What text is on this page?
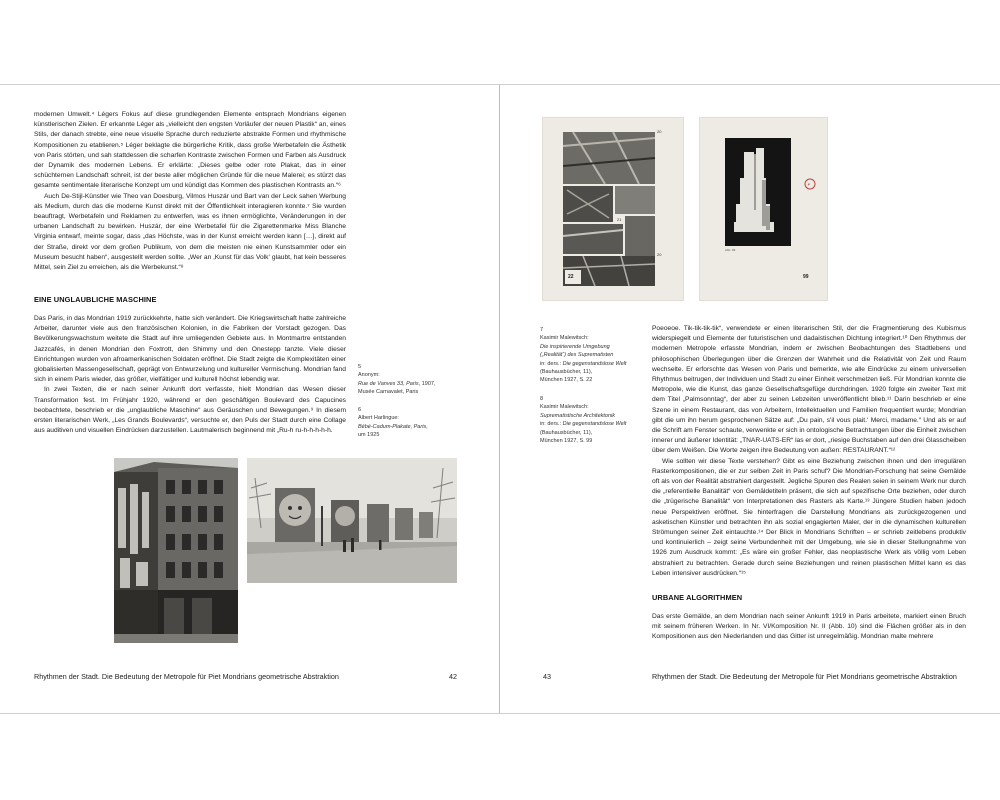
modernen Umwelt.⁴ Légers Fokus auf diese grundlegenden Elemente entsprach Mondrians eigenen künstlerischen Zielen. Er erkannte Léger als „vielleicht den engsten Vorläufer der neuen Plastik“ an, eines Stils, der danach strebte, eine neue visuelle Sprache durch reduzierte abstrakte Formen und rhythmische Kompositionen zu etablieren.⁵ Léger beklagte die bürgerliche Kritik, dass große Werbetafeln die Ästhetik von Paris störten, und sah stattdessen die scharfen Kontraste zwischen Formen und Farben als Ausdruck der Dynamik des modernen Lebens. Er erklärte: „Dieses gelbe oder rote Plakat, das in einer schüchternen Landschaft schreit, ist der beste aller möglichen Gründe für die neue Malerei; es stürzt das gesamte sentimentale literarische Konzept um und kündigt das Kommen des plastischen Kontrasts an.“⁶

Auch De-Stijl-Künstler wie Theo van Doesburg, Vilmos Huszár und Bart van der Leck sahen Werbung als Medium, durch das die moderne Kunst direkt mit der Öffentlichkeit interagieren konnte.⁷ Sie wurden beauftragt, Werbetafeln und Reklamen zu entwerfen, was es ihnen ermöglichte, Veränderungen in der urbanen Landschaft zu bewirken. Huszár, der eine Werbetafel für die Zigarettenmarke Miss Blanche Virginia entwarf, meinte sogar, dass „das Höchste, was in der Kunst erreicht werden kann […], direkt auf der Straße, direkt vor dem großen Publikum, von dem die meisten nie einen Kunstsammler oder ein Museum besucht haben“, ausgestellt werden sollte. „Wer an ‚Kunst für das Volk‘ glaubt, hat kein besseres Mittel, sein Ziel zu erreichen, als die Werbekunst.“⁸

EINE UNGLAUBLICHE MASCHINE

Das Paris, in das Mondrian 1919 zurückkehrte, hatte sich verändert. Die Kriegswirtschaft hatte zahlreiche Arbeiter, darunter viele aus den französischen Kolonien, in die Fabriken der Vorstadt gezogen. Das Bevölkerungswachstum weitete die Stadt auf ihre umliegenden Gebiete aus. In Montmartre entstanden Jazzcafés, in denen Mondrian den Foxtrott, den Shimmy und den Onestepp tanzte. Viele dieser Einrichtungen wurden von afroamerikanischen Soldaten eröffnet. Die Stadt zeigte die Komplexitäten einer globalisierten Massengesellschaft, geprägt von Entwurzelung und kultureller Vermischung. Mondrian fand sich in einem Paris wieder, das größer, vielfältiger und kulturell höchst lebendig war.

In zwei Texten, die er nach seiner Ankunft dort verfasste, hielt Mondrian das Wesen dieser Transformation fest. Im Frühjahr 1920, während er den geschäftigen Boulevard des Capucines beobachtete, beschrieb er die „unglaubliche Maschine“ aus Geräuschen und Bewegungen.⁹ In diesem ersten literarischen Werk, „Les Grands Boulevards“, versuchte er, den Puls der Stadt durch eine Collage aus auditiven und visuellen Eindrücken darzustellen. Lautmalerisch beginnend mit „Ru-h ru-h-h-h-h-h.

5
Anonym:
Rue de Vanves 33, Paris, 1907,
Musée Carnavalet, Paris
6
Albert Harlingue:
Bébé-Cadum-Plakate, Paris,
um 1925
Rhythmen der Stadt. Die Bedeutung der Metropole für Piet Mondrians geometrische Abstraktion	42
20
21
20
22
⚘
Abb. 99
99
7
Kasimir Malewitsch:
Die inspirierende Umgebung
(„Realität“) des Suprematisten
in: ders.: Die gegenstandslose Welt
(Bauhausbücher, 11),
München 1927, S. 22
8
Kasimir Malewitsch:
Suprematistische Architektonik
in: ders.: Die gegenstandslose Welt
(Bauhausbücher, 11),
München 1927, S. 99

Poeoeoe. Tik-tik-tik-tik“, verwendete er einen literarischen Stil, der die Fragmentierung des Kubismus widerspiegelt und Elemente der futuristischen und dadaistischen Dichtung integriert.¹⁰ Den Rhythmus der modernen Metropole erfasste Mondrian, indem er zwischen Beobachtungen des Stadtlebens und philosophischen Überlegungen über die Grenzen der Wahrheit und die Relativität von Zeit und Raum wechselte. Er erforschte das Wesen von Paris und bemerkte, wie alle Eindrücke zu einem universellen Rhythmus beitrugen, der Individuen und Stadt zu einer Einheit verschmelzen ließ. Für Mondrian konnte die Metropole, wie die Kunst, das ganze Gesellschaftsgefüge durchdringen. 1920 folgte ein zweiter Text mit dem Titel „Palmsonntag“, der aber zu seinen Lebzeiten unveröffentlicht blieb.¹¹ Darin beschrieb er eine Szene in einem Restaurant, das von Arbeitern, Intellektuellen und Familien frequentiert wurde; Mondrian gibt die um ihn herum gesprochenen Sätze auf: „Du pain, s'il vous plait.‘ Merci, madame.“ Und als er auf die Schrift am Fenster schaute, verwenkte er sich in ontologische Betrachtungen über die Einheit zwischen innerer und äußerer Identität: „TNAR-UATS-ER“ las er dort, „riesige Buchstaben auf den drei Glasscheiben über dem Weißen. Die Worte zeigen ihre Bedeutung von außen: RESTAURANT.“¹²

Wie sollten wir diese Texte verstehen? Gibt es eine Beziehung zwischen ihnen und den irregulären Rasterkompositionen, die er zur selben Zeit in Paris schuf? Die Mondrian-Forschung hat seine Gemälde oft als von der Realität abstrahiert dargestellt. Jegliche Spuren des Realen seien in seinem Werk nur durch die „referentielle Banalität“ von Gemäldetiteln präsent, die sich auf spezifische Orte beziehen, oder durch die „trügerische Banalität“ von Interpretationen des Rasters als Karte.¹³ Jüngere Studien haben jedoch neue Perspektiven eröffnet. Sie hinterfragen die Darstellung Mondrians als zurückgezogenen und asketischen Künstler und betrachten ihn als sozial engagierten Maler, der in die dynamischen kulturellen Strömungen seiner Zeit eintauchte.¹⁴ Der Blick in Mondrians Schriften – er schrieb zeitlebens produktiv und kontinuierlich – zeigt seine Verbundenheit mit der Umgebung, wie sie in dieser Stellungnahme von 1926 zum Ausdruck kommt: „Es wäre ein großer Fehler, das neoplastische Werk als völlig vom Leben abstrahiert zu betrachten. Gerade durch seine Beziehungen und reinen plastischen Mittel kann es das Leben intensiver ausdrücken.“¹⁵

URBANE ALGORITHMEN

Das erste Gemälde, an dem Mondrian nach seiner Ankunft 1919 in Paris arbeitete, markiert einen Bruch mit seinem früheren Werken. In Nr. VI/Komposition Nr. II (Abb. 10) sind die Flächen größer als in den Kompositionen aus den Niederlanden und das Gitter ist unregelmäßig. Mondrian malte mehrere

43	Rhythmen der Stadt. Die Bedeutung der Metropole für Piet Mondrians geometrische Abstraktion
